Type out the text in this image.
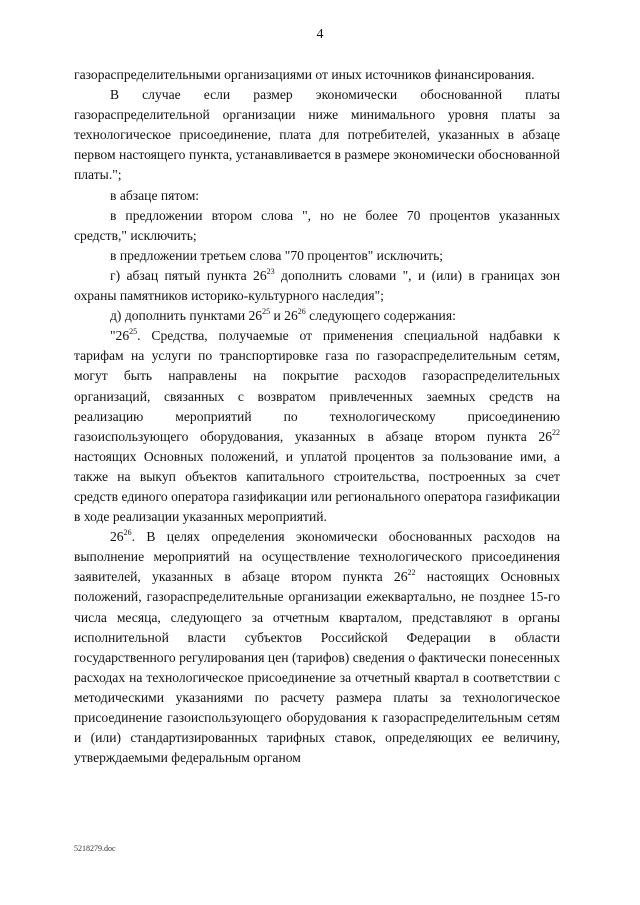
4

газораспределительными организациями от иных источников финансирования.

В случае если размер экономически обоснованной платы газораспределительной организации ниже минимального уровня платы за технологическое присоединение, плата для потребителей, указанных в абзаце первом настоящего пункта, устанавливается в размере экономически обоснованной платы.";

в абзаце пятом:

в предложении втором слова ", но не более 70 процентов указанных средств," исключить;

в предложении третьем слова "70 процентов" исключить;

г) абзац пятый пункта $26^{23}$ дополнить словами ", и (или) в границах зон охраны памятников историко-культурного наследия";

д) дополнить пунктами $26^{25}$ и $26^{26}$ следующего содержания:

"$26^{25}$. Средства, получаемые от применения специальной надбавки к тарифам на услуги по транспортировке газа по газораспределительным сетям, могут быть направлены на покрытие расходов газораспределительных организаций, связанных с возвратом привлеченных заемных средств на реализацию мероприятий по технологическому присоединению газоиспользующего оборудования, указанных в абзаце втором пункта $26^{22}$ настоящих Основных положений, и уплатой процентов за пользование ими, а также на выкуп объектов капитального строительства, построенных за счет средств единого оператора газификации или регионального оператора газификации в ходе реализации указанных мероприятий.

$26^{26}$. В целях определения экономически обоснованных расходов на выполнение мероприятий на осуществление технологического присоединения заявителей, указанных в абзаце втором пункта $26^{22}$ настоящих Основных положений, газораспределительные организации ежеквартально, не позднее 15-го числа месяца, следующего за отчетным кварталом, представляют в органы исполнительной власти субъектов Российской Федерации в области государственного регулирования цен (тарифов) сведения о фактически понесенных расходах на технологическое присоединение за отчетный квартал в соответствии с методическими указаниями по расчету размера платы за технологическое присоединение газоиспользующего оборудования к газораспределительным сетям и (или) стандартизированных тарифных ставок, определяющих ее величину, утверждаемыми федеральным органом

5218279.doc
